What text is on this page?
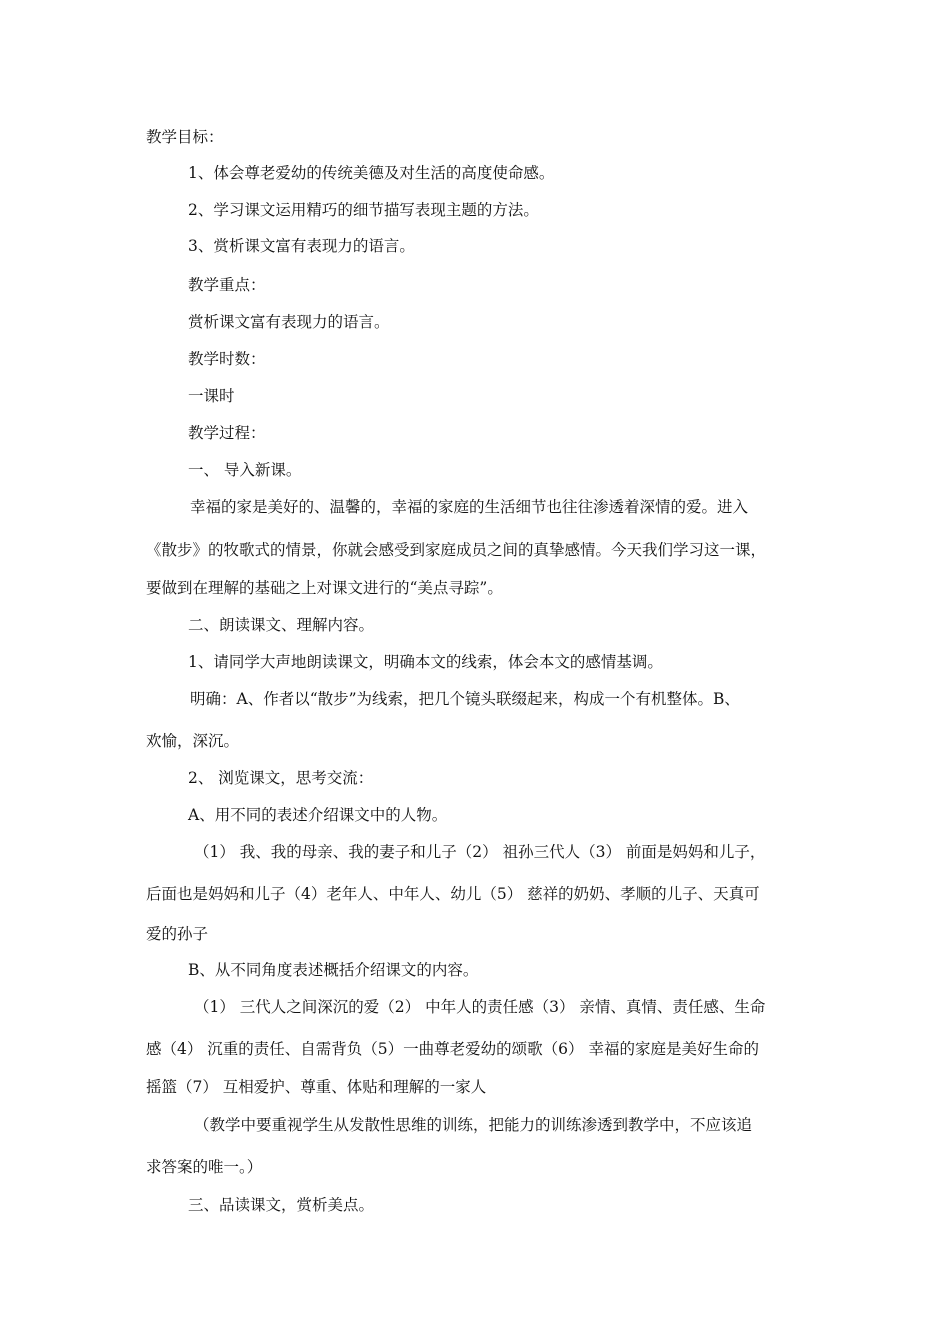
教学目标：
1、体会尊老爱幼的传统美德及对生活的高度使命感。
2、学习课文运用精巧的细节描写表现主题的方法。
3、赏析课文富有表现力的语言。
教学重点：
赏析课文富有表现力的语言。
教学时数：
一课时
教学过程：
一、 导入新课。
幸福的家是美好的、温馨的，幸福的家庭的生活细节也往往渗透着深情的爱。进入
《散步》的牧歌式的情景，你就会感受到家庭成员之间的真挚感情。今天我们学习这一课，
要做到在理解的基础之上对课文进行的“美点寻踪”。
二、朗读课文、理解内容。
1、请同学大声地朗读课文，明确本文的线索，体会本文的感情基调。
明确：A、作者以“散步”为线索，把几个镜头联缀起来，构成一个有机整体。B、
欢愉，深沉。
2、 浏览课文，思考交流：
A、用不同的表述介绍课文中的人物。
（1） 我、我的母亲、我的妻子和儿子（2） 祖孙三代人（3） 前面是妈妈和儿子，
后面也是妈妈和儿子（4）老年人、中年人、幼儿（5） 慈祥的奶奶、孝顺的儿子、天真可
爱的孙子
B、从不同角度表述概括介绍课文的内容。
（1） 三代人之间深沉的爱（2） 中年人的责任感（3） 亲情、真情、责任感、生命
感（4） 沉重的责任、自需背负（5）一曲尊老爱幼的颂歌（6） 幸福的家庭是美好生命的
摇篮（7） 互相爱护、尊重、体贴和理解的一家人
（教学中要重视学生从发散性思维的训练，把能力的训练渗透到教学中，不应该追
求答案的唯一。）
三、品读课文，赏析美点。
